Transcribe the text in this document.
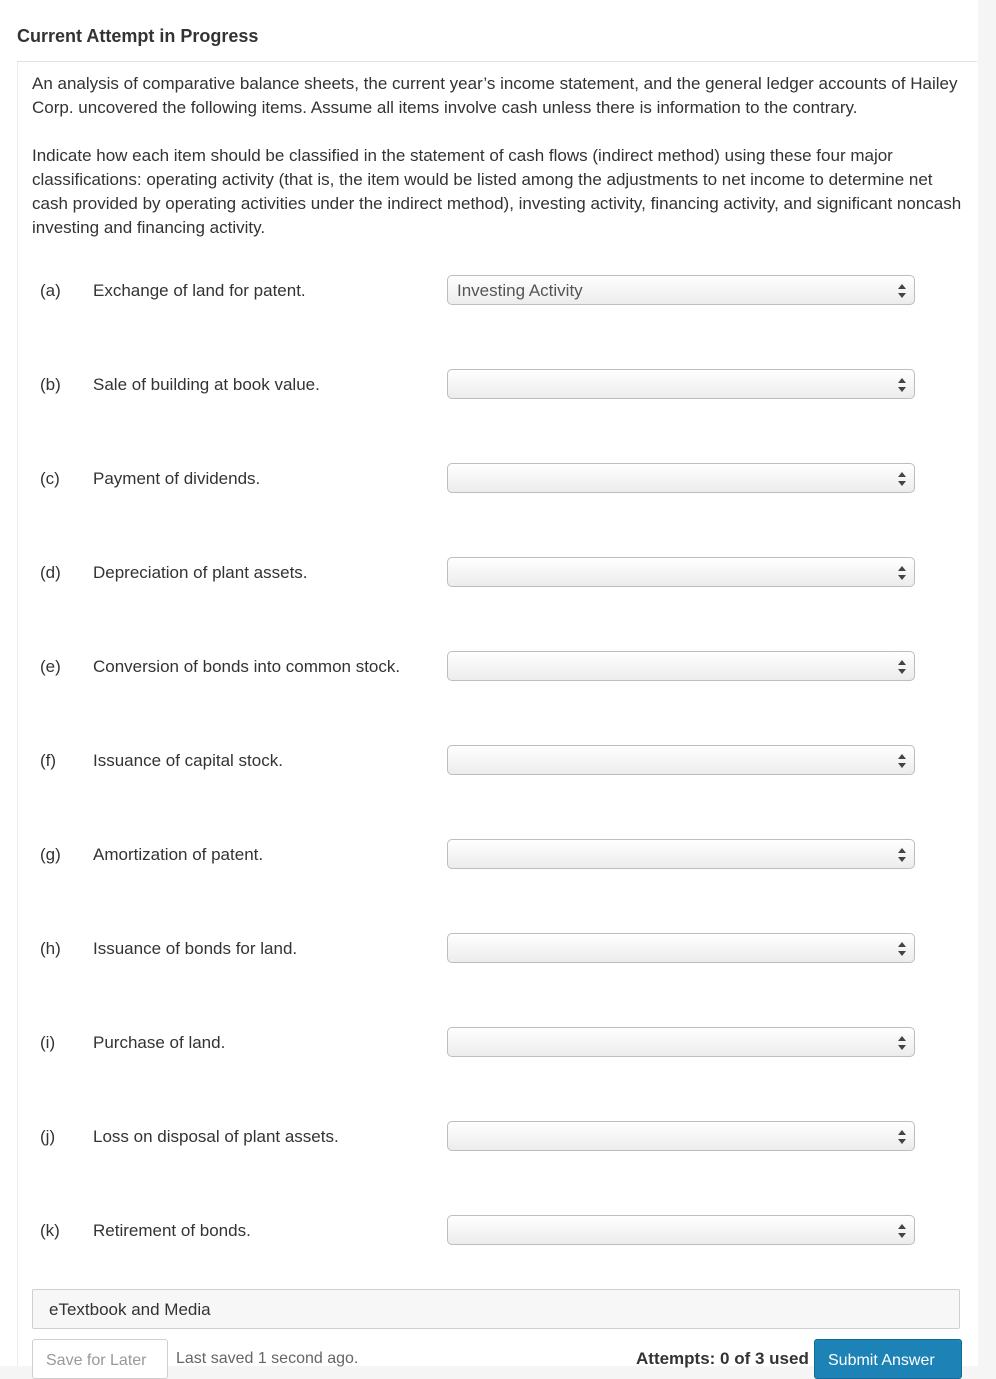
Current Attempt in Progress
An analysis of comparative balance sheets, the current year’s income statement, and the general ledger accounts of Hailey Corp. uncovered the following items. Assume all items involve cash unless there is information to the contrary.
Indicate how each item should be classified in the statement of cash flows (indirect method) using these four major classifications: operating activity (that is, the item would be listed among the adjustments to net income to determine net cash provided by operating activities under the indirect method), investing activity, financing activity, and significant noncash investing and financing activity.
(a) Exchange of land for patent.	Investing Activity
(b) Sale of building at book value.
(c) Payment of dividends.
(d) Depreciation of plant assets.
(e) Conversion of bonds into common stock.
(f) Issuance of capital stock.
(g) Amortization of patent.
(h) Issuance of bonds for land.
(i) Purchase of land.
(j) Loss on disposal of plant assets.
(k) Retirement of bonds.
eTextbook and Media
Save for Later Last saved 1 second ago.	Attempts: 0 of 3 used Submit Answer
